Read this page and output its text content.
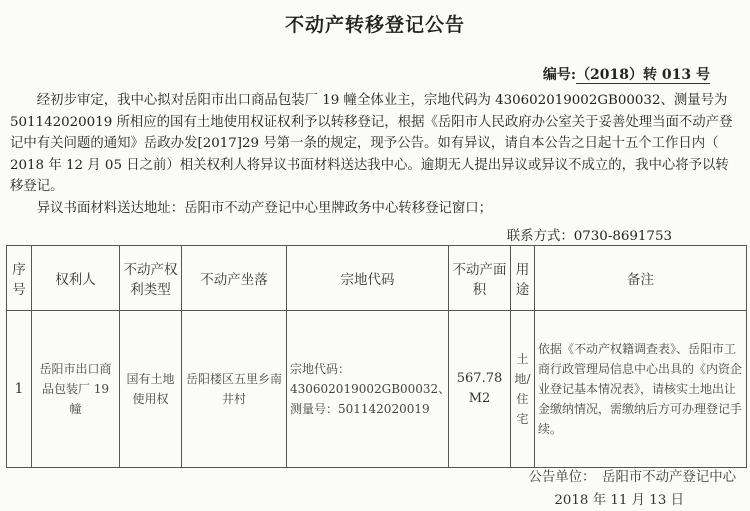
不动产转移登记公告
编号:（2018）转 013 号

经初步审定，我中心拟对岳阳市出口商品包装厂 19 幢全体业主，宗地代码为 430602019002GB00032、测量号为 501142020019 所相应的国有土地使用权证权利予以转移登记，根据《岳阳市人民政府办公室关于妥善处理当面不动产登记中有关问题的通知》岳政办发[2017]29 号第一条的规定，现予公告。如有异议，请自本公告之日起十五个工作日内（ 2018 年 12 月 05 日之前）相关权利人将异议书面材料送达我中心。逾期无人提出异议或异议不成立的，我中心将予以转移登记。

异议书面材料送达地址：岳阳市不动产登记中心里牌政务中心转移登记窗口；

联系方式：0730-8691753
序号	权利人	不动产权利类型	不动产坐落	宗地代码	不动产面积	用途	备注
1	岳阳市出口商品包装厂 19 幢	国有土地使用权	岳阳楼区五里乡南井村	宗地代码：430602019002GB00032、测量号：501142020019	567.78 M2	土地/住宅	依据《不动产权籍调查表》、岳阳市工商行政管理局信息中心出具的《内资企业登记基本情况表》，请核实土地出让金缴纳情况，需缴纳后方可办理登记手续。
公告单位：　岳阳市不动产登记中心
2018 年 11 月 13 日
